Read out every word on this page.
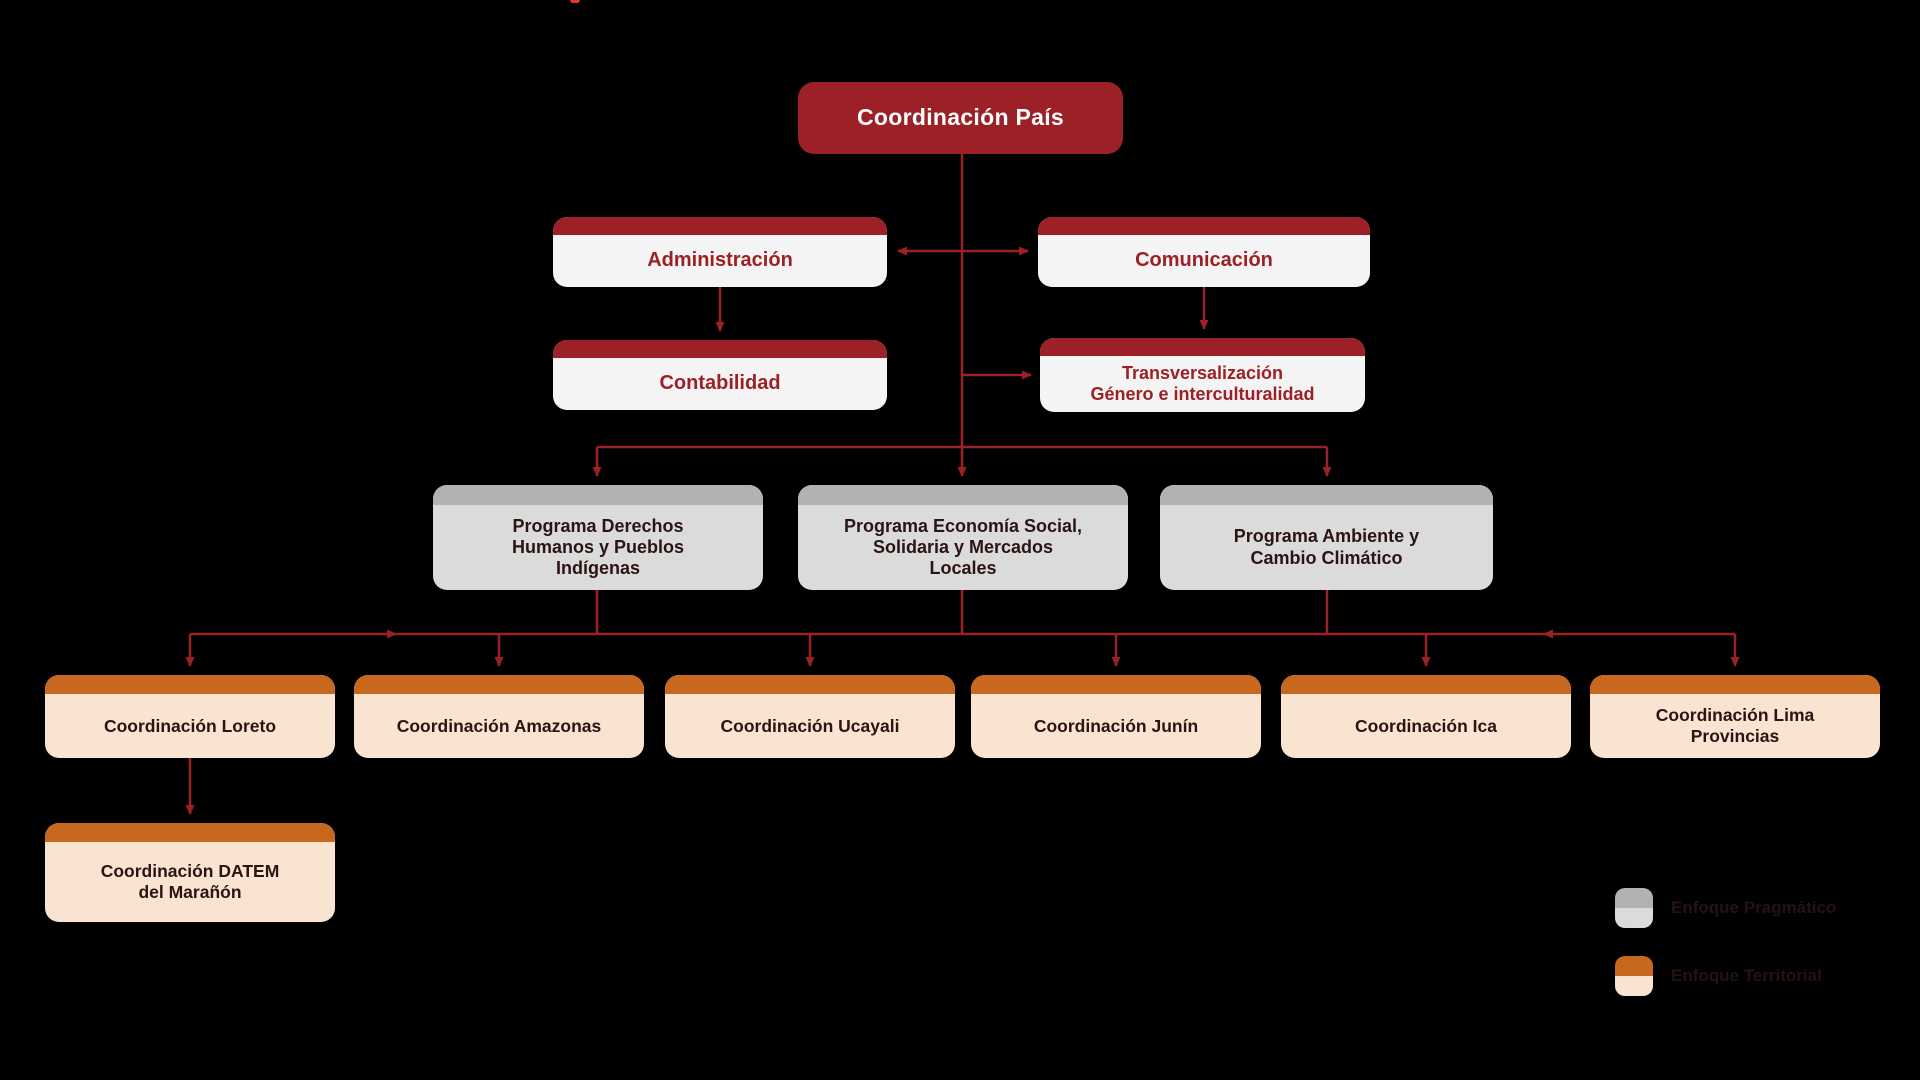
Coordinación País
Administración	Comunicación
Contabilidad	Transversalización
Género e interculturalidad
Programa Derechos
Humanos y Pueblos
Indígenas
Programa Economía Social,
Solidaria y Mercados
Locales
Programa Ambiente y
Cambio Climático
Coordinación Loreto	Coordinación Amazonas	Coordinación Ucayali	Coordinación Junín	Coordinación Ica
Coordinación Lima
Provincias
Coordinación DATEM
del Marañón
Enfoque Pragmático
Enfoque Territorial
